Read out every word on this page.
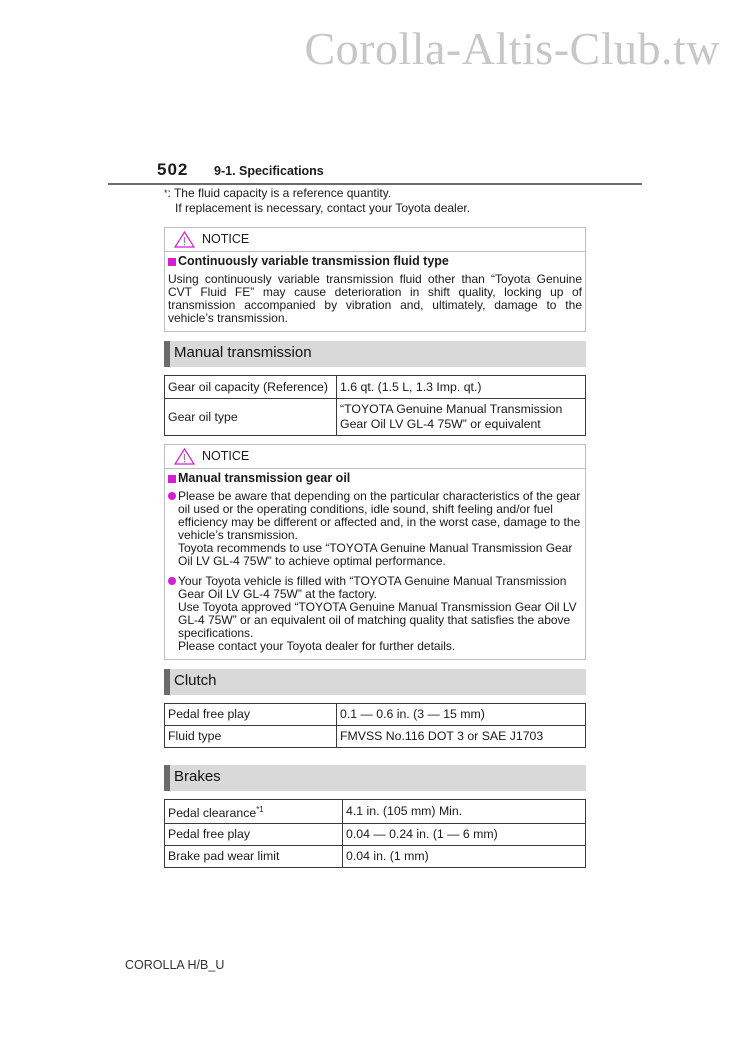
Corolla-Altis-Club.tw
502 9-1. Specifications
*: The fluid capacity is a reference quantity.
If replacement is necessary, contact your Toyota dealer.
NOTICE
Continuously variable transmission fluid type
Using continuously variable transmission fluid other than “Toyota Genuine CVT Fluid FE” may cause deterioration in shift quality, locking up of transmission accompanied by vibration and, ultimately, damage to the vehicle’s transmission.
Manual transmission
Gear oil capacity (Reference)	1.6 qt. (1.5 L, 1.3 Imp. qt.)
Gear oil type	“TOYOTA Genuine Manual Transmission Gear Oil LV GL-4 75W” or equivalent
NOTICE
Manual transmission gear oil

Please be aware that depending on the particular characteristics of the gear oil used or the operating conditions, idle sound, shift feeling and/or fuel efficiency may be different or affected and, in the worst case, damage to the vehicle’s transmission.

Toyota recommends to use “TOYOTA Genuine Manual Transmission Gear Oil LV GL-4 75W” to achieve optimal performance.

Your Toyota vehicle is filled with “TOYOTA Genuine Manual Transmission Gear Oil LV GL-4 75W” at the factory.

Use Toyota approved “TOYOTA Genuine Manual Transmission Gear Oil LV GL-4 75W” or an equivalent oil of matching quality that satisfies the above specifications.

Please contact your Toyota dealer for further details.

Clutch
Pedal free play	0.1 — 0.6 in. (3 — 15 mm)
Fluid type	FMVSS No.116 DOT 3 or SAE J1703
Brakes
Pedal clearance$^{*1}$	4.1 in. (105 mm) Min.
Pedal free play	0.04 — 0.24 in. (1 — 6 mm)
Brake pad wear limit	0.04 in. (1 mm)
COROLLA H/B_U
